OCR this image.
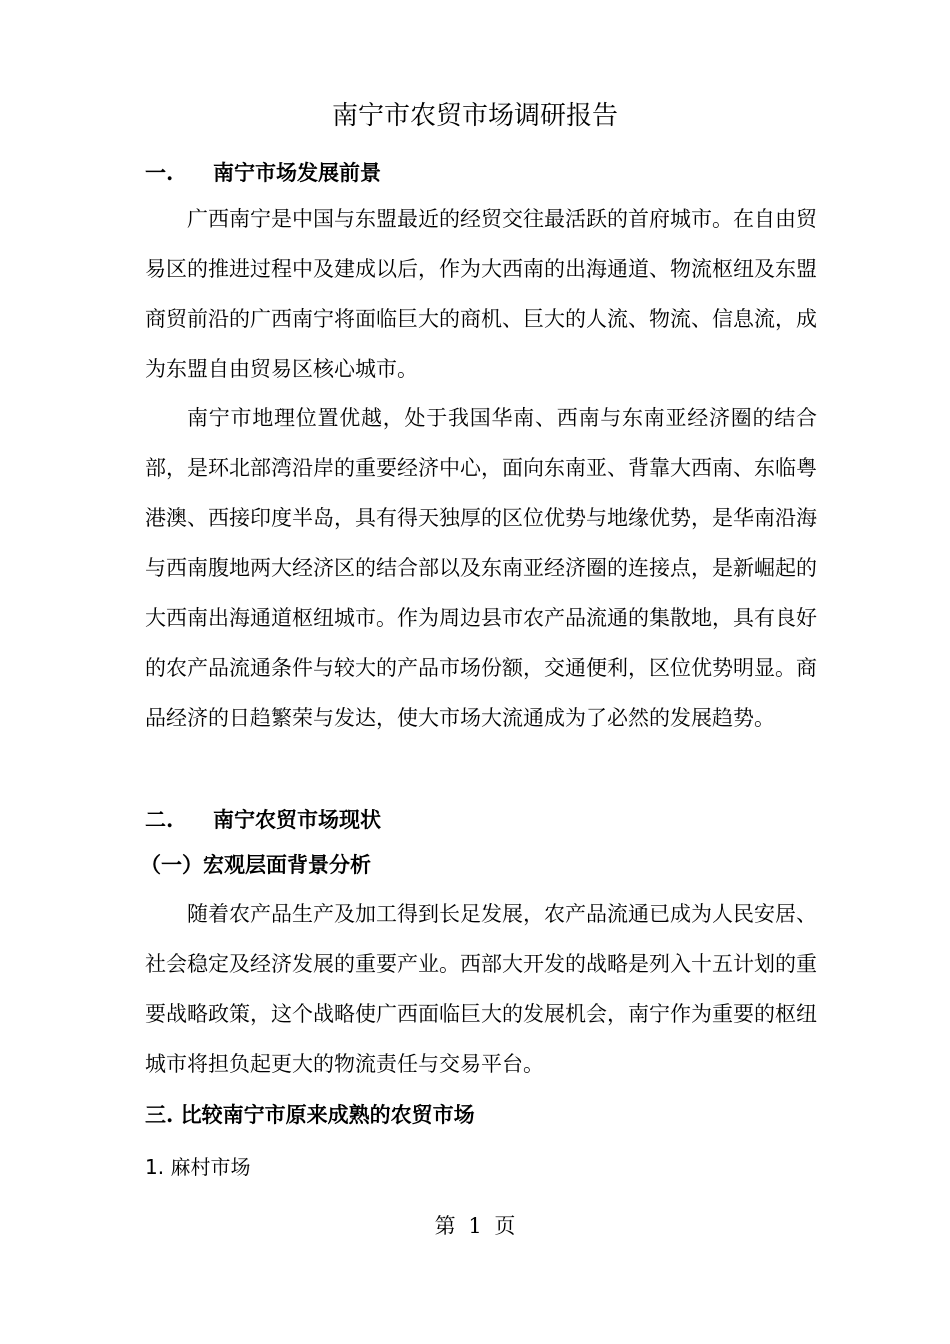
南宁市农贸市场调研报告
一. 南宁市场发展前景
广西南宁是中国与东盟最近的经贸交往最活跃的首府城市。在自由贸易区的推进过程中及建成以后，作为大西南的出海通道、物流枢纽及东盟商贸前沿的广西南宁将面临巨大的商机、巨大的人流、物流、信息流，成为东盟自由贸易区核心城市。
南宁市地理位置优越，处于我国华南、西南与东南亚经济圈的结合部，是环北部湾沿岸的重要经济中心，面向东南亚、背靠大西南、东临粤港澳、西接印度半岛，具有得天独厚的区位优势与地缘优势，是华南沿海与西南腹地两大经济区的结合部以及东南亚经济圈的连接点，是新崛起的大西南出海通道枢纽城市。作为周边县市农产品流通的集散地，具有良好的农产品流通条件与较大的产品市场份额，交通便利，区位优势明显。商品经济的日趋繁荣与发达，使大市场大流通成为了必然的发展趋势。
二. 南宁农贸市场现状
（一）宏观层面背景分析
随着农产品生产及加工得到长足发展，农产品流通已成为人民安居、社会稳定及经济发展的重要产业。西部大开发的战略是列入十五计划的重要战略政策，这个战略使广西面临巨大的发展机会，南宁作为重要的枢纽城市将担负起更大的物流责任与交易平台。
三. 比较南宁市原来成熟的农贸市场
1. 麻村市场
第 1 页
